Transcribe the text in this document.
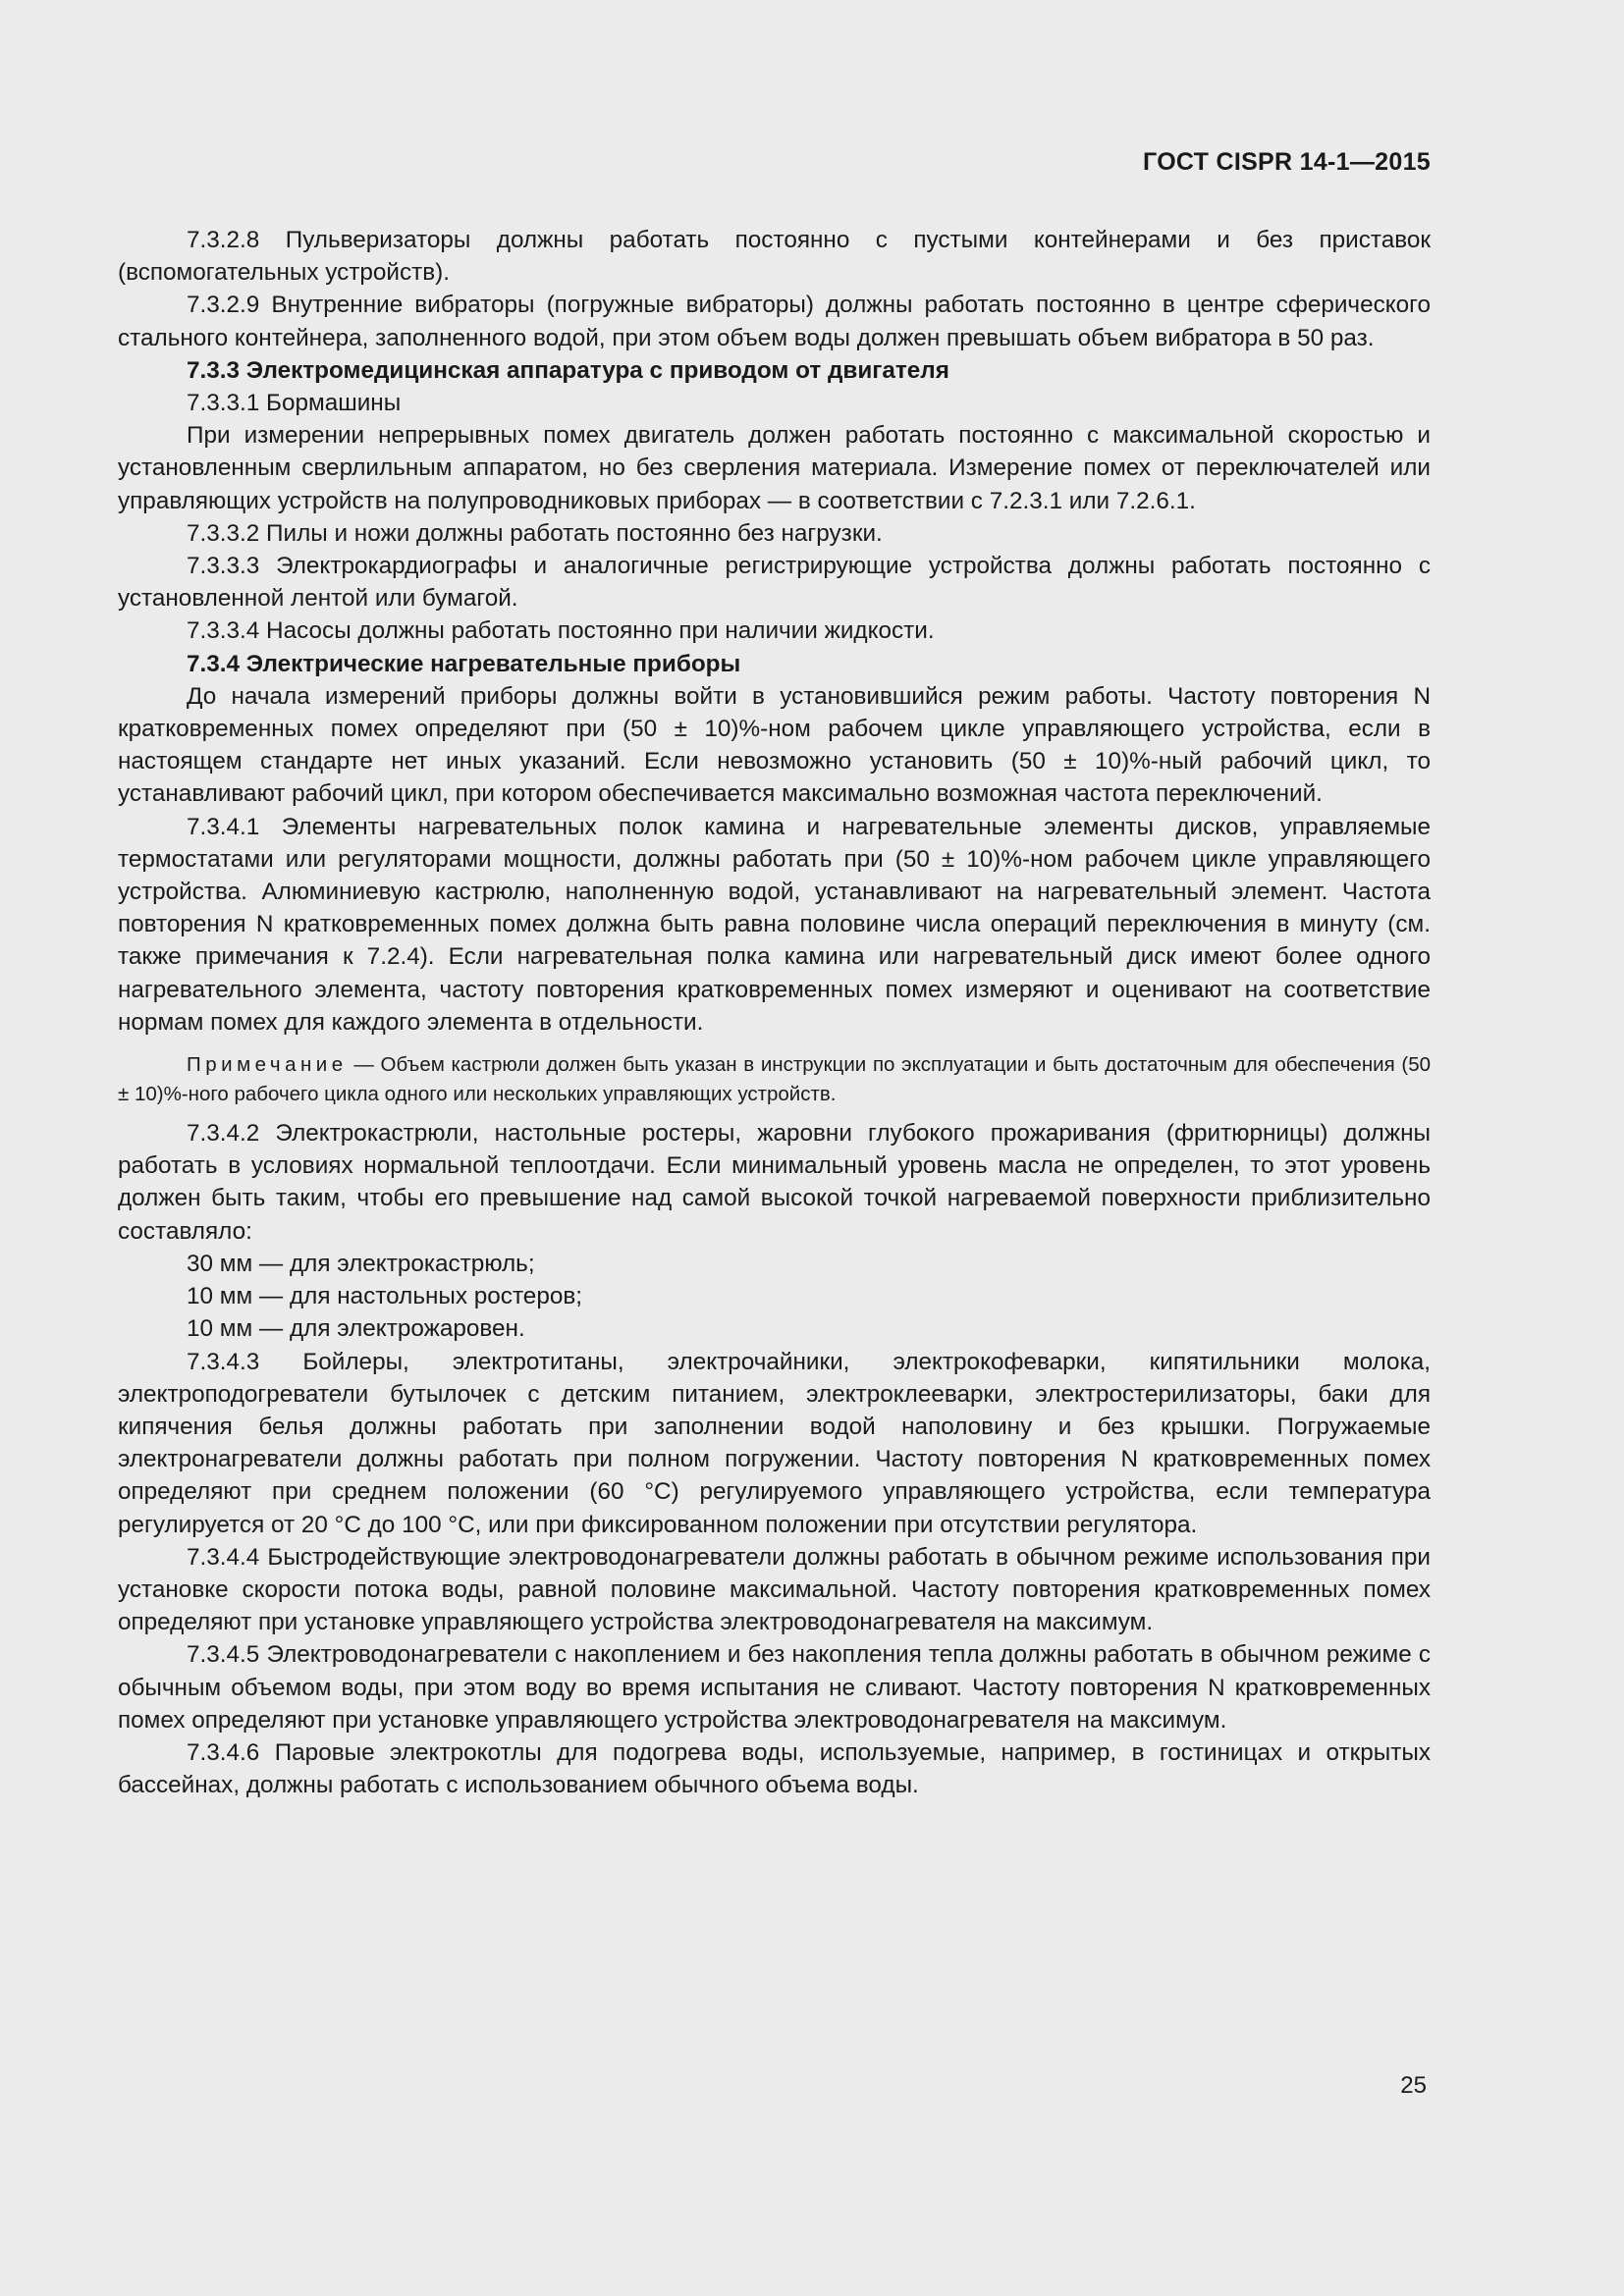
ГОСТ CISPR 14-1—2015

7.3.2.8 Пульверизаторы должны работать постоянно с пустыми контейнерами и без приставок (вспомогательных устройств).

7.3.2.9 Внутренние вибраторы (погружные вибраторы) должны работать постоянно в центре сферического стального контейнера, заполненного водой, при этом объем воды должен превышать объем вибратора в 50 раз.

7.3.3 Электромедицинская аппаратура с приводом от двигателя

7.3.3.1 Бормашины

При измерении непрерывных помех двигатель должен работать постоянно с максимальной скоростью и установленным сверлильным аппаратом, но без сверления материала. Измерение помех от переключателей или управляющих устройств на полупроводниковых приборах — в соответствии с 7.2.3.1 или 7.2.6.1.

7.3.3.2 Пилы и ножи должны работать постоянно без нагрузки.

7.3.3.3 Электрокардиографы и аналогичные регистрирующие устройства должны работать постоянно с установленной лентой или бумагой.

7.3.3.4 Насосы должны работать постоянно при наличии жидкости.

7.3.4 Электрические нагревательные приборы

До начала измерений приборы должны войти в установившийся режим работы. Частоту повторения N кратковременных помех определяют при (50 ± 10)%-ном рабочем цикле управляющего устройства, если в настоящем стандарте нет иных указаний. Если невозможно установить (50 ± 10)%-ный рабочий цикл, то устанавливают рабочий цикл, при котором обеспечивается максимально возможная частота переключений.

7.3.4.1 Элементы нагревательных полок камина и нагревательные элементы дисков, управляемые термостатами или регуляторами мощности, должны работать при (50 ± 10)%-ном рабочем цикле управляющего устройства. Алюминиевую кастрюлю, наполненную водой, устанавливают на нагревательный элемент. Частота повторения N кратковременных помех должна быть равна половине числа операций переключения в минуту (см. также примечания к 7.2.4). Если нагревательная полка камина или нагревательный диск имеют более одного нагревательного элемента, частоту повторения кратковременных помех измеряют и оценивают на соответствие нормам помех для каждого элемента в отдельности.

Примечание — Объем кастрюли должен быть указан в инструкции по эксплуатации и быть достаточным для обеспечения (50 ± 10)%-ного рабочего цикла одного или нескольких управляющих устройств.

7.3.4.2 Электрокастрюли, настольные ростеры, жаровни глубокого прожаривания (фритюрницы) должны работать в условиях нормальной теплоотдачи. Если минимальный уровень масла не определен, то этот уровень должен быть таким, чтобы его превышение над самой высокой точкой нагреваемой поверхности приблизительно составляло:

30 мм — для электрокастрюль;

10 мм — для настольных ростеров;

10 мм — для электрожаровен.

7.3.4.3 Бойлеры, электротитаны, электрочайники, электрокофеварки, кипятильники молока, электроподогреватели бутылочек с детским питанием, электроклееварки, электростерилизаторы, баки для кипячения белья должны работать при заполнении водой наполовину и без крышки. Погружаемые электронагреватели должны работать при полном погружении. Частоту повторения N кратковременных помех определяют при среднем положении (60 °C) регулируемого управляющего устройства, если температура регулируется от 20 °C до 100 °C, или при фиксированном положении при отсутствии регулятора.

7.3.4.4 Быстродействующие электроводонагреватели должны работать в обычном режиме использования при установке скорости потока воды, равной половине максимальной. Частоту повторения кратковременных помех определяют при установке управляющего устройства электроводонагревателя на максимум.

7.3.4.5 Электроводонагреватели с накоплением и без накопления тепла должны работать в обычном режиме с обычным объемом воды, при этом воду во время испытания не сливают. Частоту повторения N кратковременных помех определяют при установке управляющего устройства электроводонагревателя на максимум.

7.3.4.6 Паровые электрокотлы для подогрева воды, используемые, например, в гостиницах и открытых бассейнах, должны работать с использованием обычного объема воды.

25
